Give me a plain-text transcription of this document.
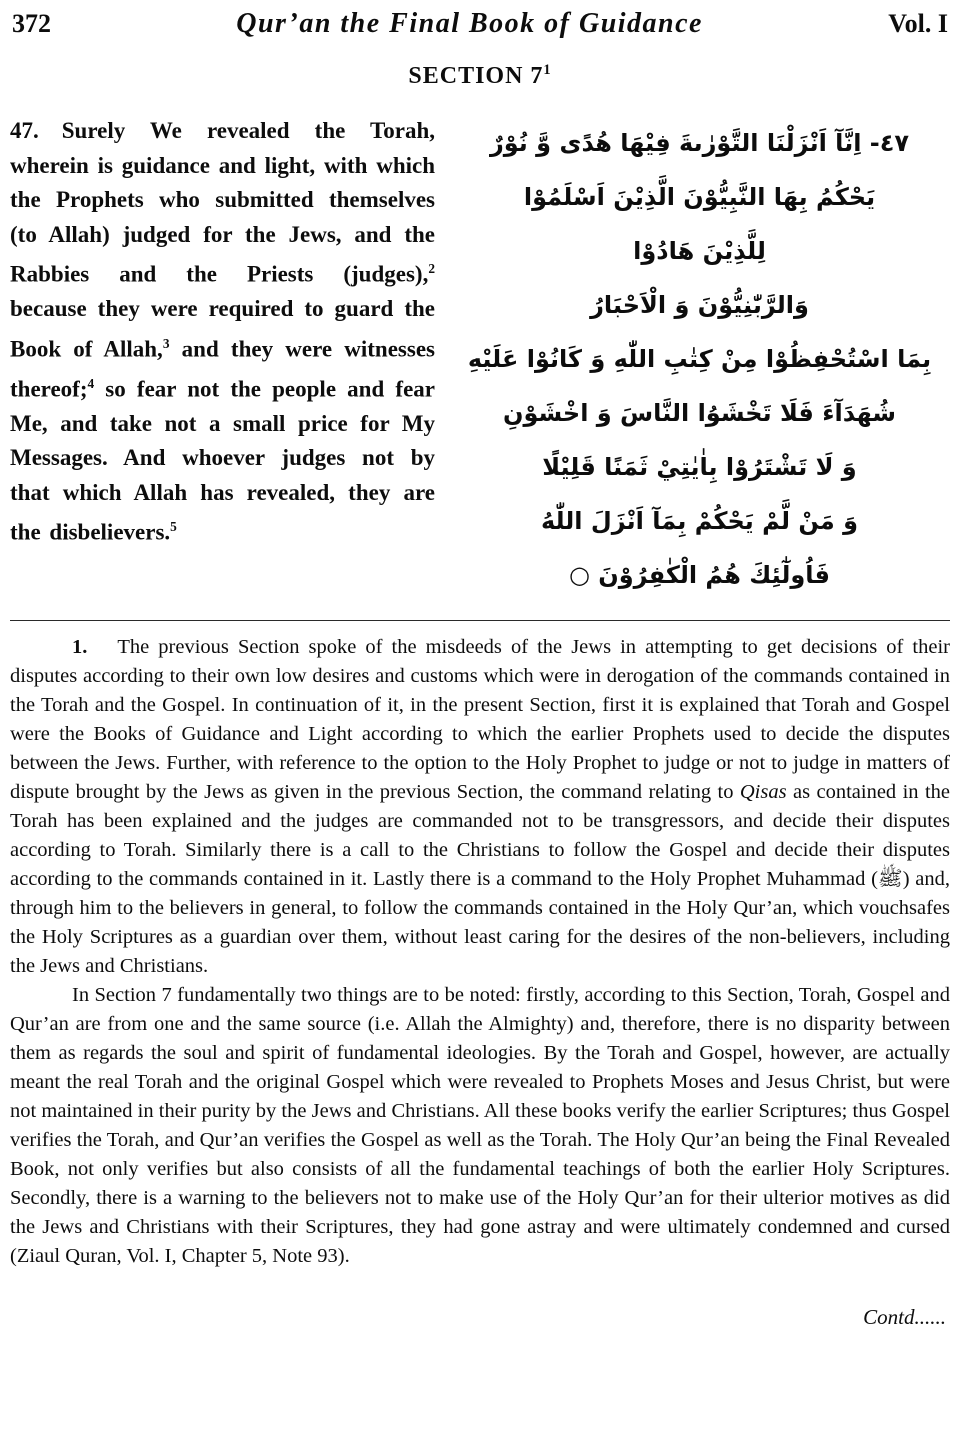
372	Qur’an the Final Book of Guidance	Vol. I
SECTION $7^1$
47. Surely We revealed the Torah, wherein is guidance and light, with which the Prophets who submitted themselves (to Allah) judged for the Jews, and the Rabbies and the Priests (judges),$^2$ because they were required to guard the Book of Allah,$^3$ and they were witnesses thereof;$^4$ so fear not the people and fear Me, and take not a small price for My Messages. And whoever judges not by that which Allah has revealed, they are the disbelievers.$^5$
٤٧- اِنَّآ اَنْزَلْنَا التَّوْرٰىةَ فِيْهَا هُدًى وَّ نُوْرٌ
يَحْكُمُ بِهَا النَّبِيُّوْنَ الَّذِيْنَ اَسْلَمُوْا
لِلَّذِيْنَ هَادُوْا
وَالرَّبّٰنِيُّوْنَ وَ الْاَحْبَارُ
بِمَا اسْتُحْفِظُوْا مِنْ كِتٰبِ اللّٰهِ وَ كَانُوْا عَلَيْهِ
شُهَدَآءَ فَلَا تَخْشَوُا النَّاسَ وَ اخْشَوْنِ
وَ لَا تَشْتَرُوْا بِاٰيٰتِيْ ثَمَنًا قَلِيْلًا
وَ مَنْ لَّمْ يَحْكُمْ بِمَآ اَنْزَلَ اللّٰهُ
فَاُولٰٓئِكَ هُمُ الْكٰفِرُوْنَ ○

1. The previous Section spoke of the misdeeds of the Jews in attempting to get decisions of their disputes according to their own low desires and customs which were in derogation of the commands contained in the Torah and the Gospel. In continuation of it, in the present Section, first it is explained that Torah and Gospel were the Books of Guidance and Light according to which the earlier Prophets used to decide the disputes between the Jews. Further, with reference to the option to the Holy Prophet to judge or not to judge in matters of dispute brought by the Jews as given in the previous Section, the command relating to Qisas as contained in the Torah has been explained and the judges are commanded not to be transgressors, and decide their disputes according to Torah. Similarly there is a call to the Christians to follow the Gospel and decide their disputes according to the commands contained in it. Lastly there is a command to the Holy Prophet Muhammad (ﷺ) and, through him to the believers in general, to follow the commands contained in the Holy Qur’an, which vouchsafes the Holy Scriptures as a guardian over them, without least caring for the desires of the non-believers, including the Jews and Christians.

In Section 7 fundamentally two things are to be noted: firstly, according to this Section, Torah, Gospel and Qur’an are from one and the same source (i.e. Allah the Almighty) and, therefore, there is no disparity between them as regards the soul and spirit of fundamental ideologies. By the Torah and Gospel, however, are actually meant the real Torah and the original Gospel which were revealed to Prophets Moses and Jesus Christ, but were not maintained in their purity by the Jews and Christians. All these books verify the earlier Scriptures; thus Gospel verifies the Torah, and Qur’an verifies the Gospel as well as the Torah. The Holy Qur’an being the Final Revealed Book, not only verifies but also consists of all the fundamental teachings of both the earlier Holy Scriptures. Secondly, there is a warning to the believers not to make use of the Holy Qur’an for their ulterior motives as did the Jews and Christians with their Scriptures, they had gone astray and were ultimately condemned and cursed (Ziaul Quran, Vol. I, Chapter 5, Note 93).

Contd......
